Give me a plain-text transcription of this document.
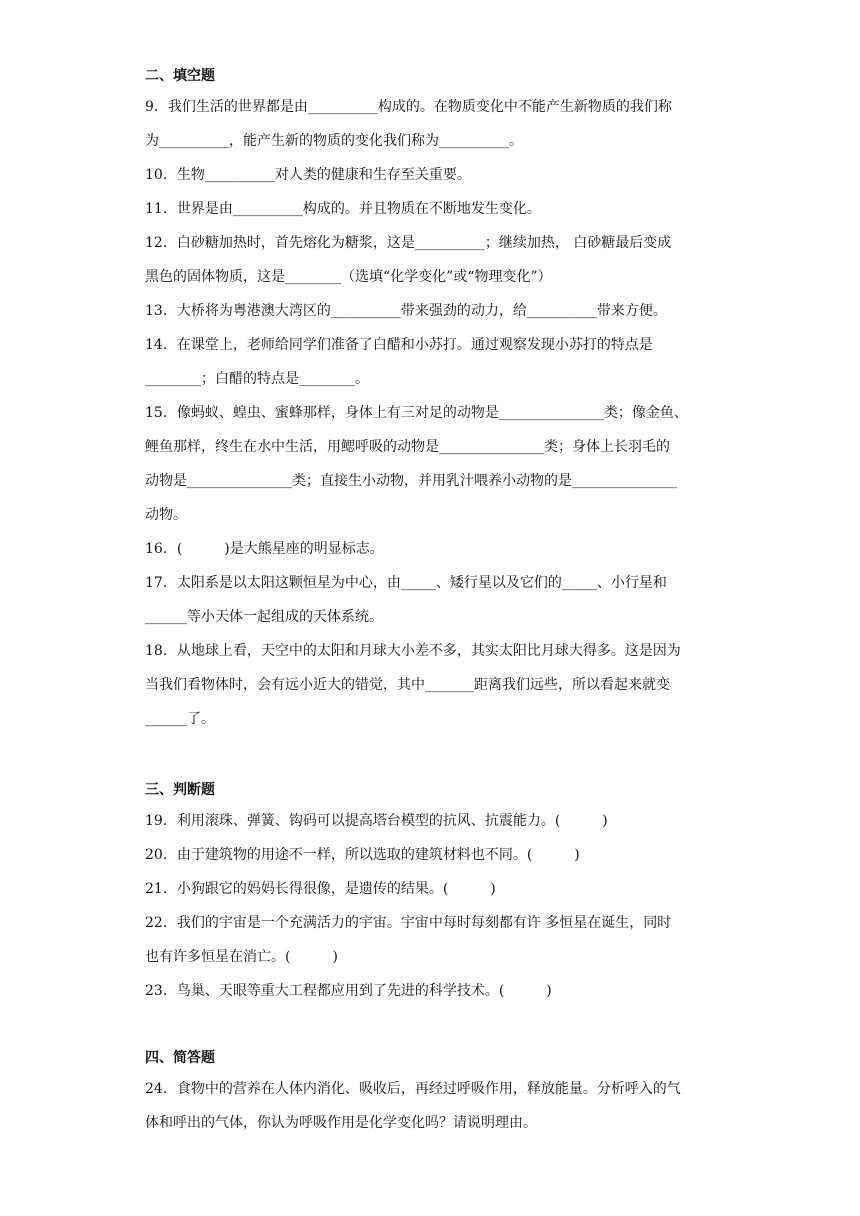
二、填空题

9．我们生活的世界都是由__________构成的。在物质变化中不能产生新物质的我们称
为__________，能产生新的物质的变化我们称为__________。

10．生物__________对人类的健康和生存至关重要。

11．世界是由__________构成的。并且物质在不断地发生变化。

12．白砂糖加热时，首先熔化为糖浆，这是__________；继续加热， 白砂糖最后变成
黑色的固体物质，这是________（选填“化学变化”或“物理变化”）

13．大桥将为粤港澳大湾区的__________带来强劲的动力，给__________带来方便。

14．在课堂上，老师给同学们准备了白醋和小苏打。通过观察发现小苏打的特点是
________；白醋的特点是________。

15．像蚂蚁、蝗虫、蜜蜂那样，身体上有三对足的动物是_______________类；像金鱼、
鲤鱼那样，终生在水中生活，用鳃呼吸的动物是_______________类；身体上长羽毛的
动物是_______________类；直接生小动物，并用乳汁喂养小动物的是_______________
动物。

16．(　　　)是大熊星座的明显标志。

17．太阳系是以太阳这颗恒星为中心，由_____、矮行星以及它们的_____、小行星和
______等小天体一起组成的天体系统。

18．从地球上看，天空中的太阳和月球大小差不多，其实太阳比月球大得多。这是因为
当我们看物体时，会有远小近大的错觉，其中_______距离我们远些，所以看起来就变
______了。

三、判断题

19．利用滚珠、弹簧、钩码可以提高塔台模型的抗风、抗震能力。(　　　)

20．由于建筑物的用途不一样，所以选取的建筑材料也不同。(　　　)

21．小狗跟它的妈妈长得很像，是遗传的结果。(　　　)

22．我们的宇宙是一个充满活力的宇宙。宇宙中每时每刻都有许 多恒星在诞生，同时
也有许多恒星在消亡。(　　　)

23．鸟巢、天眼等重大工程都应用到了先进的科学技术。(　　　)

四、简答题

24．食物中的营养在人体内消化、吸收后，再经过呼吸作用，释放能量。分析呼入的气
体和呼出的气体，你认为呼吸作用是化学变化吗？请说明理由。
